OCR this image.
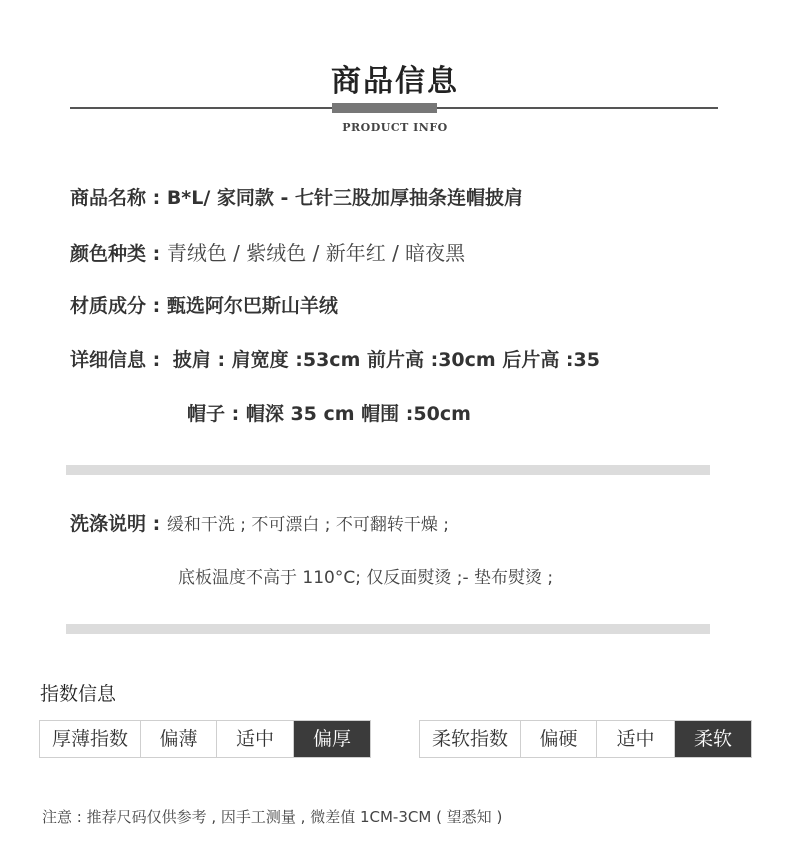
商品信息
PRODUCT INFO
商品名称 : B*L/ 家同款 - 七针三股加厚抽条连帽披肩
颜色种类 : 青绒色 / 紫绒色 / 新年红 / 暗夜黑
材质成分 : 甄选阿尔巴斯山羊绒
详细信息 : 披肩 : 肩宽度 :53cm 前片高 :30cm 后片高 :35
帽子 : 帽深 35 cm 帽围 :50cm
洗涤说明 : 缓和干洗 ; 不可漂白 ; 不可翻转干燥 ;
底板温度不高于 110°C; 仅反面熨烫 ;- 垫布熨烫 ;
指数信息
厚薄指数	偏薄	适中	偏厚	柔软指数	偏硬	适中	柔软
注意 : 推荐尺码仅供参考 , 因手工测量 , 微差值 1CM-3CM ( 望悉知 )
